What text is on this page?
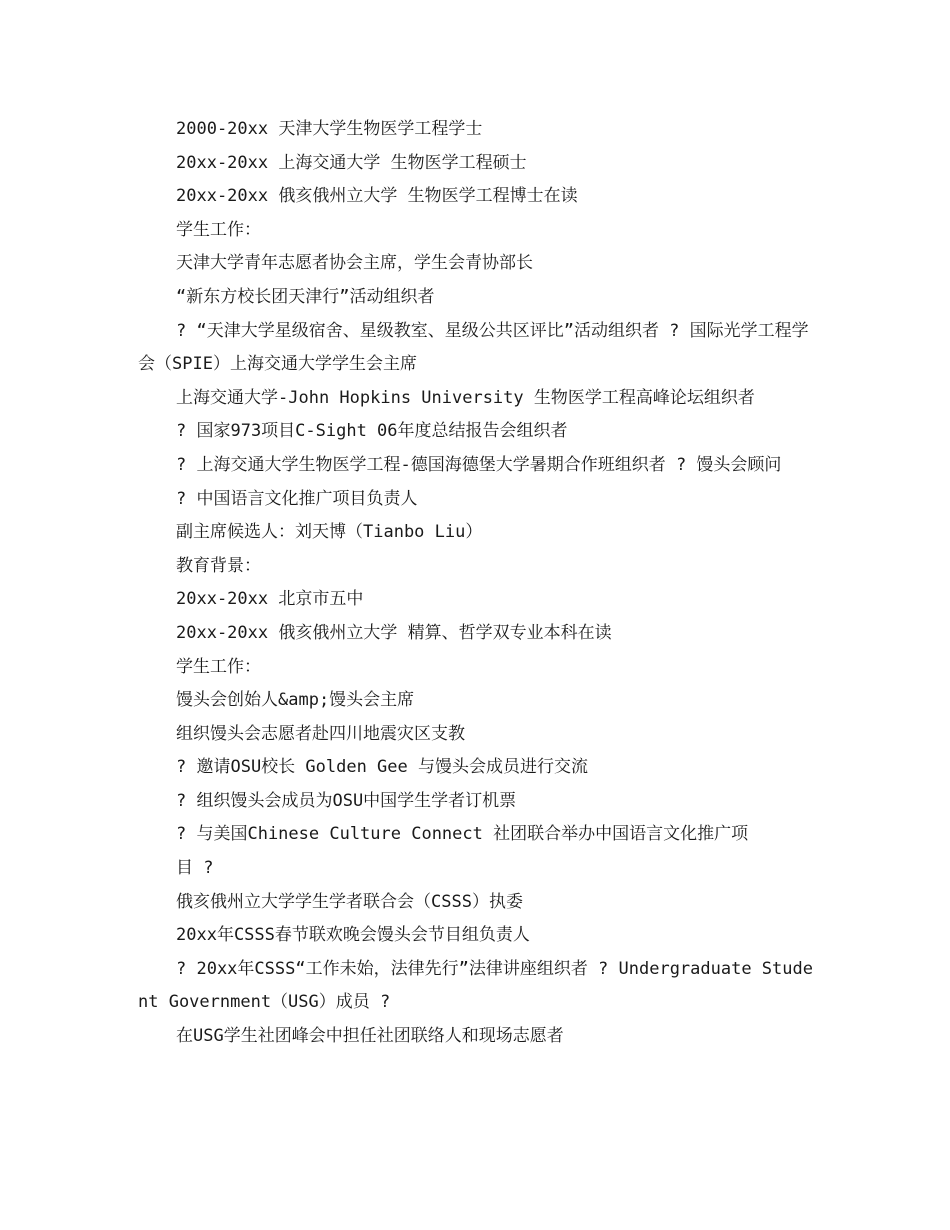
2000-20xx 天津大学生物医学工程学士

20xx-20xx 上海交通大学 生物医学工程硕士

20xx-20xx 俄亥俄州立大学 生物医学工程博士在读

学生工作：

天津大学青年志愿者协会主席，学生会青协部长

“新东方校长团天津行”活动组织者

? “天津大学星级宿舍、星级教室、星级公共区评比”活动组织者 ? 国际光学工程学会（SPIE）上海交通大学学生会主席

上海交通大学-John Hopkins University 生物医学工程高峰论坛组织者

? 国家973项目C-Sight 06年度总结报告会组织者

? 上海交通大学生物医学工程-德国海德堡大学暑期合作班组织者 ? 馒头会顾问

? 中国语言文化推广项目负责人

副主席候选人：刘天博（Tianbo Liu）

教育背景：

20xx-20xx 北京市五中

20xx-20xx 俄亥俄州立大学 精算、哲学双专业本科在读

学生工作：

馒头会创始人&amp;馒头会主席

组织馒头会志愿者赴四川地震灾区支教

? 邀请OSU校长 Golden Gee 与馒头会成员进行交流

? 组织馒头会成员为OSU中国学生学者订机票

? 与美国Chinese Culture Connect 社团联合举办中国语言文化推广项

目 ?

俄亥俄州立大学学生学者联合会（CSSS）执委

20xx年CSSS春节联欢晚会馒头会节目组负责人

? 20xx年CSSS“工作未始，法律先行”法律讲座组织者 ? Undergraduate Student Government（USG）成员 ?

在USG学生社团峰会中担任社团联络人和现场志愿者
